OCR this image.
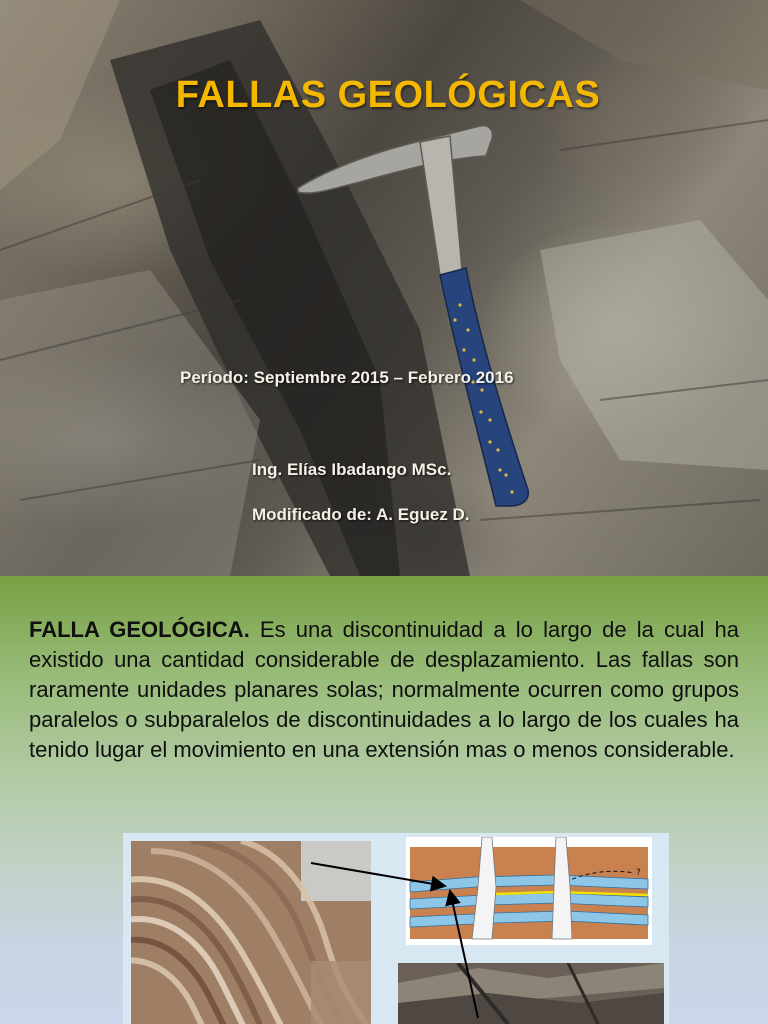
FALLAS GEOLÓGICAS
Período: Septiembre 2015 – Febrero 2016
Ing. Elías Ibadango MSc.
Modificado de: A. Eguez D.

FALLA GEOLÓGICA. Es una discontinuidad a lo largo de la cual ha existido una cantidad considerable de desplazamiento. Las fallas son raramente unidades planares solas; normalmente ocurren como grupos paralelos o subparalelos de discontinuidades a lo largo de los cuales ha tenido lugar el movimiento en una extensión mas o menos considerable.

?
